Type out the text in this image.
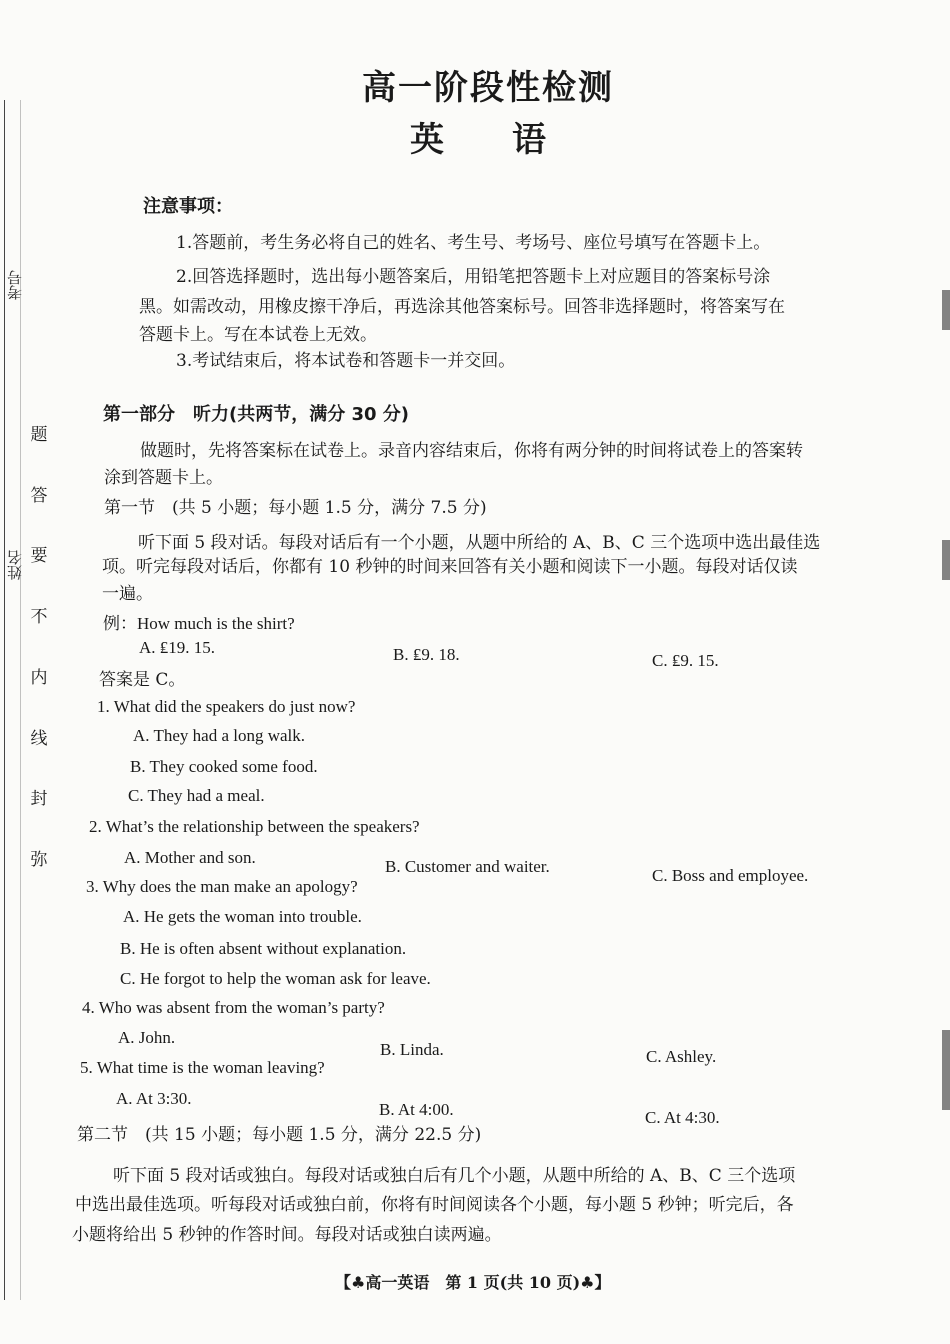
考号
姓名
题
答
要
不
内
线
封
弥
高一阶段性检测
英　　语
注意事项：
1.答题前，考生务必将自己的姓名、考生号、考场号、座位号填写在答题卡上。
2.回答选择题时，选出每小题答案后，用铅笔把答题卡上对应题目的答案标号涂
黑。如需改动，用橡皮擦干净后，再选涂其他答案标号。回答非选择题时，将答案写在
答题卡上。写在本试卷上无效。
3.考试结束后，将本试卷和答题卡一并交回。
第一部分　听力(共两节，满分 30 分)
做题时，先将答案标在试卷上。录音内容结束后，你将有两分钟的时间将试卷上的答案转
涂到答题卡上。
第一节　(共 5 小题；每小题 1.5 分，满分 7.5 分)
听下面 5 段对话。每段对话后有一个小题，从题中所给的 A、B、C 三个选项中选出最佳选
项。听完每段对话后，你都有 10 秒钟的时间来回答有关小题和阅读下一小题。每段对话仅读
一遍。
例：How much is the shirt?
A. ₤19. 15.	B. ₤9. 18.	C. ₤9. 15.
答案是 C。
1. What did the speakers do just now?
A. They had a long walk.
B. They cooked some food.
C. They had a meal.
2. What’s the relationship between the speakers?
A. Mother and son.	B. Customer and waiter.	C. Boss and employee.
3. Why does the man make an apology?
A. He gets the woman into trouble.
B. He is often absent without explanation.
C. He forgot to help the woman ask for leave.
4. Who was absent from the woman’s party?
A. John.
B. Linda.	C. Ashley.
5. What time is the woman leaving?
A. At 3:30.
B. At 4:00.	C. At 4:30.
第二节　(共 15 小题；每小题 1.5 分，满分 22.5 分)
听下面 5 段对话或独白。每段对话或独白后有几个小题，从题中所给的 A、B、C 三个选项
中选出最佳选项。听每段对话或独白前，你将有时间阅读各个小题，每小题 5 秒钟；听完后，各
小题将给出 5 秒钟的作答时间。每段对话或独白读两遍。
【♣高一英语　第 1 页(共 10 页)♣】
